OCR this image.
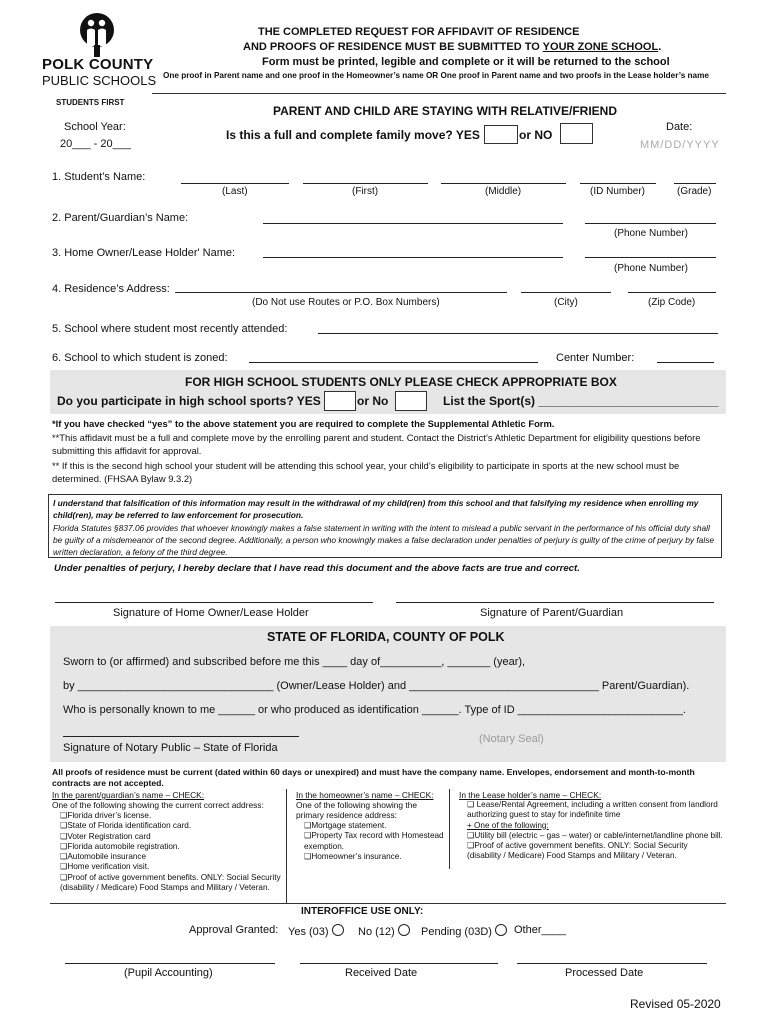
POLK COUNTY
PUBLIC SCHOOLS
STUDENTS FIRST
THE COMPLETED REQUEST FOR AFFIDAVIT OF RESIDENCE
AND PROOFS OF RESIDENCE MUST BE SUBMITTED TO YOUR ZONE SCHOOL.
Form must be printed, legible and complete or it will be returned to the school
One proof in Parent name and one proof in the Homeowner’s name OR One proof in Parent name and two proofs in the Lease holder’s name
PARENT AND CHILD ARE STAYING WITH RELATIVE/FRIEND
School Year:
20___ - 20___
Is this a full and complete family move? YES	or NO
Date:
MM/DD/YYYY
1. Student’s Name:
(Last)	(First)	(Middle)	(ID Number)	(Grade)
2. Parent/Guardian’s Name:
(Phone Number)
3. Home Owner/Lease Holder' Name:
(Phone Number)
4. Residence’s Address:
(Do Not use Routes or P.O. Box Numbers)	(City)	(Zip Code)
5. School where student most recently attended:
6. School to which student is zoned:	Center Number:
FOR HIGH SCHOOL STUDENTS ONLY PLEASE CHECK APPROPRIATE BOX
Do you participate in high school sports? YES	or No	List the Sport(s) ___________________________
*If you have checked “yes” to the above statement you are required to complete the Supplemental Athletic Form.
**This affidavit must be a full and complete move by the enrolling parent and student. Contact the District’s Athletic Department for eligibility questions before submitting this affidavit for approval.
** If this is the second high school your student will be attending this school year, your child’s eligibility to participate in sports at the new school must be determined. (FHSAA Bylaw 9.3.2)
I understand that falsification of this information may result in the withdrawal of my child(ren) from this school and that falsifying my residence when enrolling my child(ren), may be referred to law enforcement for prosecution.
Florida Statutes §837.06 provides that whoever knowingly makes a false statement in writing with the intent to mislead a public servant in the performance of his official duty shall be guilty of a misdemeanor of the second degree. Additionally, a person who knowingly makes a false declaration under penalties of perjury is guilty of the crime of perjury by false written declaration, a felony of the third degree.
Under penalties of perjury, I hereby declare that I have read this document and the above facts are true and correct.
Signature of Home Owner/Lease Holder	Signature of Parent/Guardian
STATE OF FLORIDA, COUNTY OF POLK
Sworn to (or affirmed) and subscribed before me this ____ day of__________, _______ (year),
by ________________________________ (Owner/Lease Holder) and _______________________________ Parent/Guardian).
Who is personally known to me ______ or who produced as identification ______. Type of ID ___________________________.
(Notary Seal)
Signature of Notary Public – State of Florida
All proofs of residence must be current (dated within 60 days or unexpired) and must have the company name. Envelopes, endorsement and month-to-month contracts are not accepted.
In the parent/guardian’s name – CHECK:
One of the following showing the current correct address:
❑Florida driver’s license.
❑State of Florida identification card.
❑Voter Registration card
❑Florida automobile registration.
❑Automobile insurance
❑Home verification visit.
❑Proof of active government benefits. ONLY: Social Security (disability / Medicare) Food Stamps and Military / Veteran.
In the homeowner’s name – CHECK:
One of the following showing the primary residence address:
❑Mortgage statement.
❑Property Tax record with Homestead exemption.
❑Homeowner’s insurance.
In the Lease holder’s name – CHECK:
❑ Lease/Rental Agreement, including a written consent from landlord authorizing guest to stay for indefinite time
+ One of the following:
❑Utility bill (electric – gas – water) or cable/internet/landline phone bill.
❑Proof of active government benefits. ONLY: Social Security (disability / Medicare) Food Stamps and Military / Veteran.
INTEROFFICE USE ONLY:
Approval Granted: Yes (03)	No (12)	Pending (03D)	Other____
(Pupil Accounting)	Received Date	Processed Date
Revised 05-2020
